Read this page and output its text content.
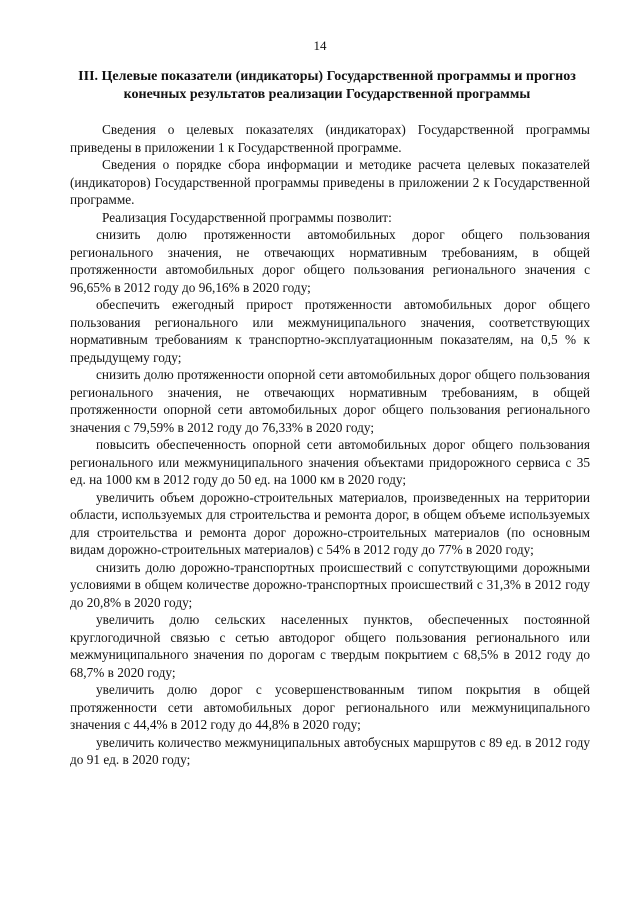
14
III. Целевые показатели (индикаторы) Государственной программы и прогноз конечных результатов реализации Государственной программы

Сведения о целевых показателях (индикаторах) Государственной программы приведены в приложении 1 к Государственной программе.

Сведения о порядке сбора информации и методике расчета целевых показателей (индикаторов) Государственной программы приведены в приложении 2 к Государственной программе.

Реализация Государственной программы позволит:

снизить долю протяженности автомобильных дорог общего пользования регионального значения, не отвечающих нормативным требованиям, в общей протяженности автомобильных дорог общего пользования регионального значения с 96,65% в 2012 году до 96,16% в 2020 году;

обеспечить ежегодный прирост протяженности автомобильных дорог общего пользования регионального или межмуниципального значения, соответствующих нормативным требованиям к транспортно-эксплуатационным показателям, на 0,5 % к предыдущему году;

снизить долю протяженности опорной сети автомобильных дорог общего пользования регионального значения, не отвечающих нормативным требованиям, в общей протяженности опорной сети автомобильных дорог общего пользования регионального значения с 79,59% в 2012 году до 76,33% в 2020 году;

повысить обеспеченность опорной сети автомобильных дорог общего пользования регионального или межмуниципального значения объектами придорожного сервиса с 35 ед. на 1000 км в 2012 году до 50 ед. на 1000 км в 2020 году;

увеличить объем дорожно-строительных материалов, произведенных на территории области, используемых для строительства и ремонта дорог, в общем объеме используемых для строительства и ремонта дорог дорожно-строительных материалов (по основным видам дорожно-строительных материалов) с 54% в 2012 году до 77% в 2020 году;

снизить долю дорожно-транспортных происшествий с сопутствующими дорожными условиями в общем количестве дорожно-транспортных происшествий с 31,3% в 2012 году до 20,8% в 2020 году;

увеличить долю сельских населенных пунктов, обеспеченных постоянной круглогодичной связью с сетью автодорог общего пользования регионального или межмуниципального значения по дорогам с твердым покрытием с 68,5% в 2012 году до 68,7% в 2020 году;

увеличить долю дорог с усовершенствованным типом покрытия в общей протяженности сети автомобильных дорог регионального или межмуниципального значения с 44,4% в 2012 году до 44,8% в 2020 году;

увеличить количество межмуниципальных автобусных маршрутов с 89 ед. в 2012 году до 91 ед. в 2020 году;
